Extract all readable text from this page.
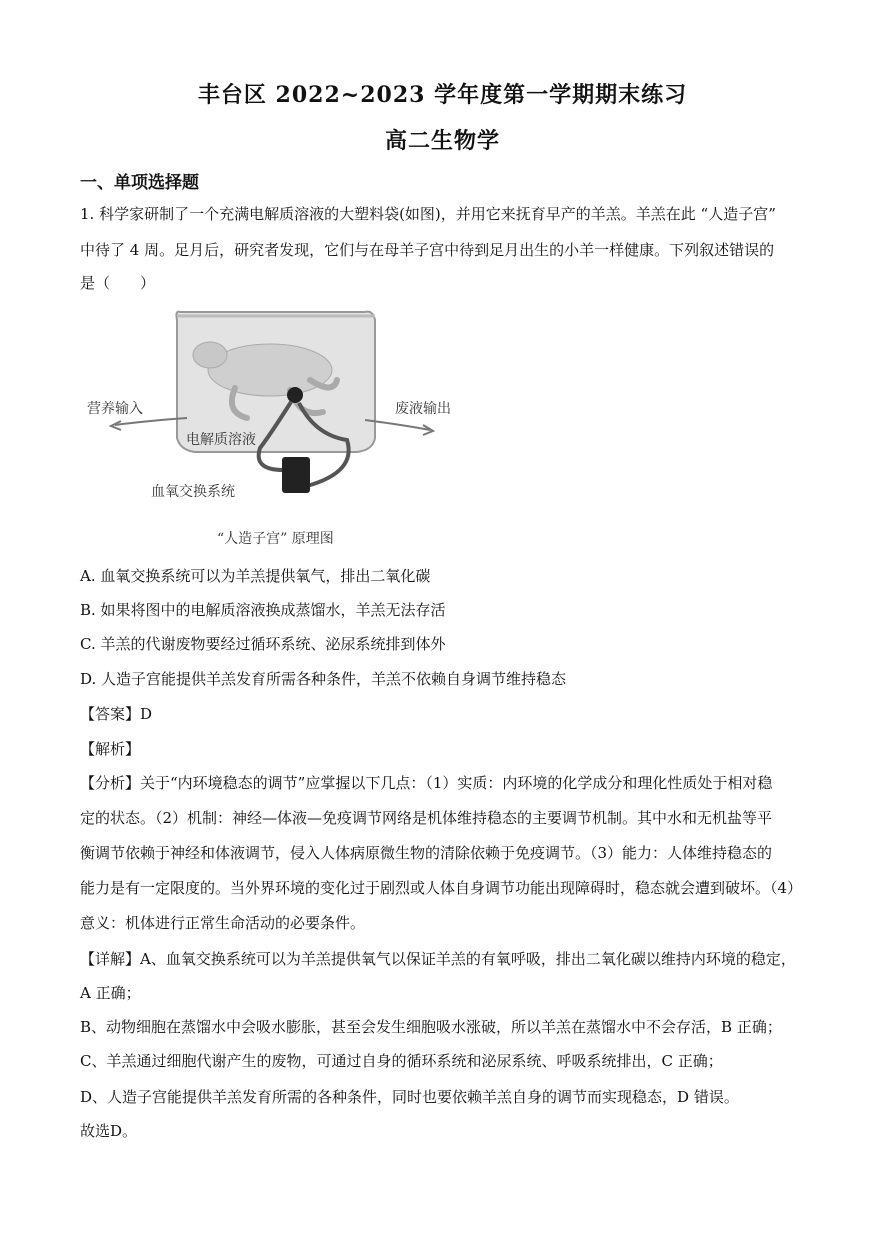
丰台区 2022~2023 学年度第一学期期末练习
高二生物学
一、单项选择题
1. 科学家研制了一个充满电解质溶液的大塑料袋(如图)，并用它来抚育早产的羊羔。羊羔在此 “人造子宫”
中待了 4 周。足月后，研究者发现，它们与在母羊子宫中待到足月出生的小羊一样健康。下列叙述错误的
是（　　）
营养输入	废液输出
电解质溶液
血氧交换系统
“人造子宫” 原理图
A. 血氧交换系统可以为羊羔提供氧气，排出二氧化碳
B. 如果将图中的电解质溶液换成蒸馏水，羊羔无法存活
C. 羊羔的代谢废物要经过循环系统、泌尿系统排到体外
D. 人造子宫能提供羊羔发育所需各种条件，羊羔不依赖自身调节维持稳态
【答案】D
【解析】
【分析】关于“内环境稳态的调节”应掌握以下几点：（1）实质：内环境的化学成分和理化性质处于相对稳
定的状态。（2）机制：神经—体液—免疫调节网络是机体维持稳态的主要调节机制。其中水和无机盐等平
衡调节依赖于神经和体液调节，侵入人体病原微生物的清除依赖于免疫调节。（3）能力：人体维持稳态的
能力是有一定限度的。当外界环境的变化过于剧烈或人体自身调节功能出现障碍时，稳态就会遭到破坏。（4）
意义：机体进行正常生命活动的必要条件。
【详解】A、血氧交换系统可以为羊羔提供氧气以保证羊羔的有氧呼吸，排出二氧化碳以维持内环境的稳定，
A 正确；
B、动物细胞在蒸馏水中会吸水膨胀，甚至会发生细胞吸水涨破，所以羊羔在蒸馏水中不会存活，B 正确；
C、羊羔通过细胞代谢产生的废物，可通过自身的循环系统和泌尿系统、呼吸系统排出，C 正确；
D、人造子宫能提供羊羔发育所需的各种条件，同时也要依赖羊羔自身的调节而实现稳态，D 错误。
故选D。
